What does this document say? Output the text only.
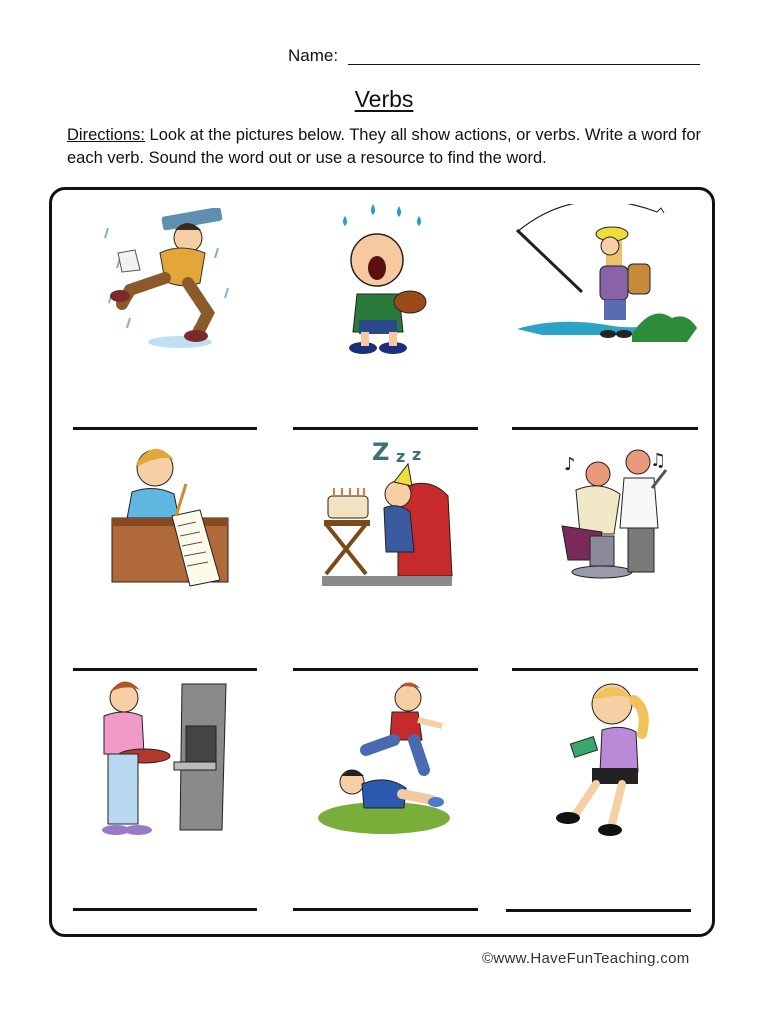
Name:
Verbs
Directions: Look at the pictures below. They all show actions, or verbs. Write a word for each verb. Sound the word out or use a resource to find the word.
Z z z	♪	♫
©www.HaveFunTeaching.com
